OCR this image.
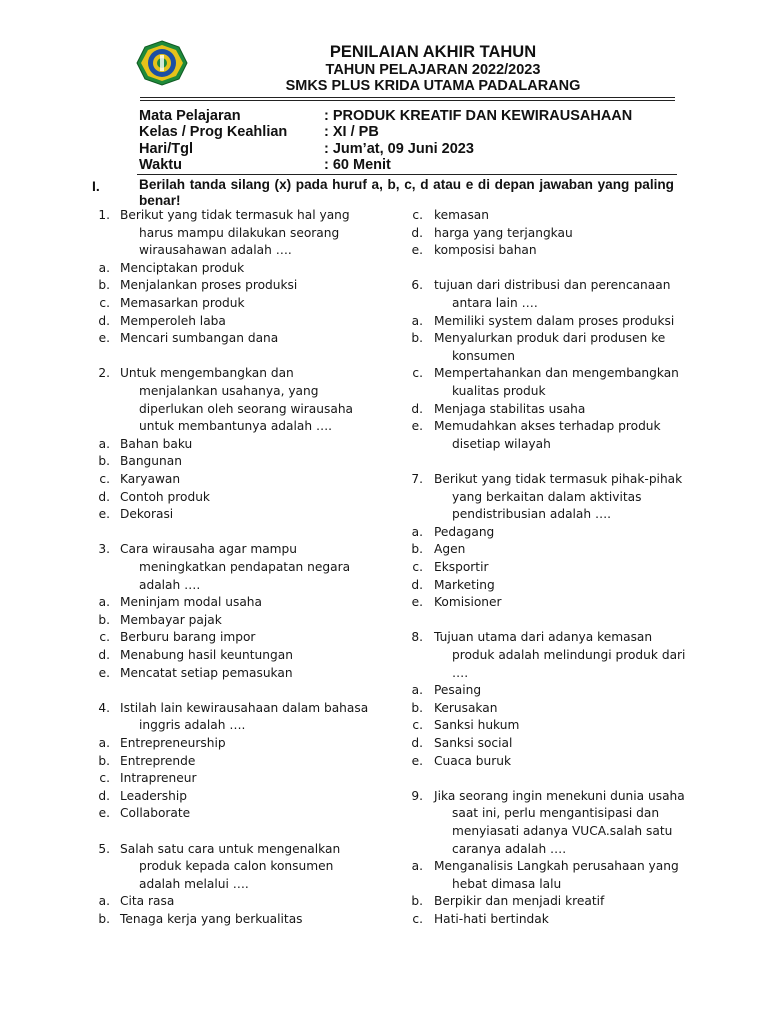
PENILAIAN AKHIR TAHUN
TAHUN PELAJARAN 2022/2023
SMKS PLUS KRIDA UTAMA PADALARANG
Mata Pelajaran	: PRODUK KREATIF DAN KEWIRAUSAHAAN
Kelas / Prog Keahlian	: XI / PB
Hari/Tgl	: Jum’at, 09 Juni 2023
Waktu	: 60 Menit
I.	Berilah tanda silang (x) pada huruf a, b, c, d atau e di depan jawaban yang paling benar!
1. Berikut yang tidak termasuk hal yang
harus mampu dilakukan seorang
wirausahawan adalah ….
a. Menciptakan produk
b. Menjalankan proses produksi
c. Memasarkan produk
d. Memperoleh laba
e. Mencari sumbangan dana
2. Untuk mengembangkan dan
menjalankan usahanya, yang
diperlukan oleh seorang wirausaha
untuk membantunya adalah ….
a. Bahan baku
b. Bangunan
c. Karyawan
d. Contoh produk
e. Dekorasi
3. Cara wirausaha agar mampu
meningkatkan pendapatan negara
adalah ….
a. Meninjam modal usaha
b. Membayar pajak
c. Berburu barang impor
d. Menabung hasil keuntungan
e. Mencatat setiap pemasukan
4. Istilah lain kewirausahaan dalam bahasa
inggris adalah ….
a. Entrepreneurship
b. Entreprende
c. Intrapreneur
d. Leadership
e. Collaborate
5. Salah satu cara untuk mengenalkan
produk kepada calon konsumen
adalah melalui ….
a. Cita rasa
b. Tenaga kerja yang berkualitas
c. kemasan
d. harga yang terjangkau
e. komposisi bahan
6. tujuan dari distribusi dan perencanaan
antara lain ….
a. Memiliki system dalam proses produksi
b. Menyalurkan produk dari produsen ke
konsumen
c. Mempertahankan dan mengembangkan
kualitas produk
d. Menjaga stabilitas usaha
e. Memudahkan akses terhadap produk
disetiap wilayah
7. Berikut yang tidak termasuk pihak-pihak
yang berkaitan dalam aktivitas
pendistribusian adalah ….
a. Pedagang
b. Agen
c. Eksportir
d. Marketing
e. Komisioner
8. Tujuan utama dari adanya kemasan
produk adalah melindungi produk dari
….
a. Pesaing
b. Kerusakan
c. Sanksi hukum
d. Sanksi social
e. Cuaca buruk
9. Jika seorang ingin menekuni dunia usaha
saat ini, perlu mengantisipasi dan
menyiasati adanya VUCA.salah satu
caranya adalah ….
a. Menganalisis Langkah perusahaan yang
hebat dimasa lalu
b. Berpikir dan menjadi kreatif
c. Hati-hati bertindak
